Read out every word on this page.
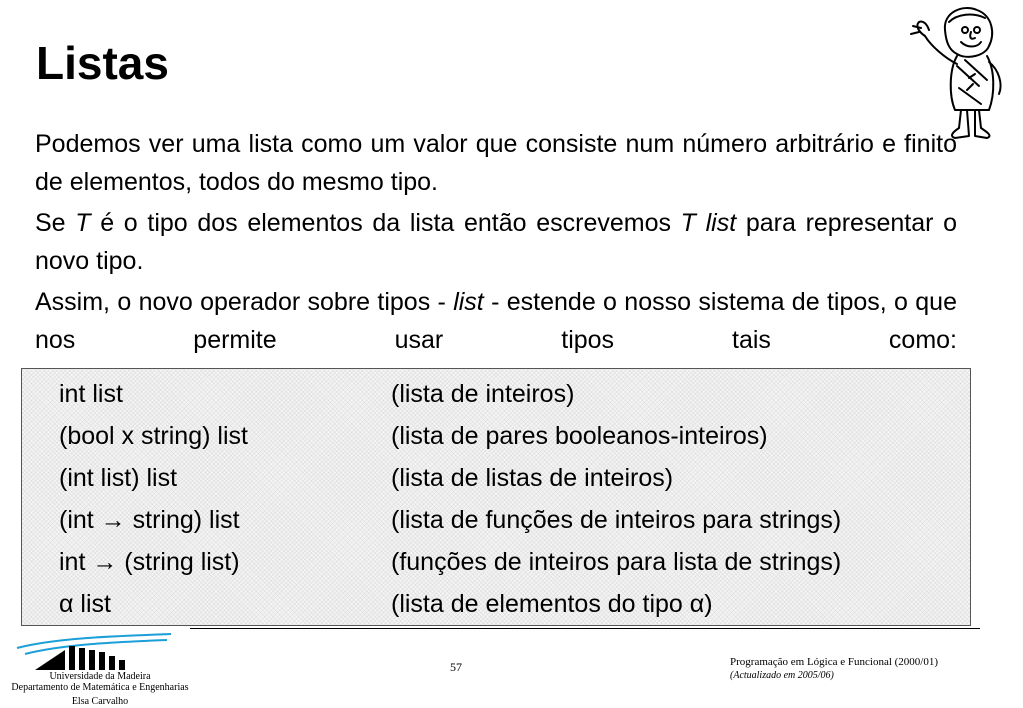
Listas

Podemos ver uma lista como um valor que consiste num número arbitrário e finito de elementos, todos do mesmo tipo.

Se T é o tipo dos elementos da lista então escrevemos T list para representar o novo tipo.

Assim, o novo operador sobre tipos - list - estende o nosso sistema de tipos, o que nos permite usar tipos tais como:

int list	(lista de inteiros)
(bool x string) list	(lista de pares booleanos-inteiros)
(int list) list	(lista de listas de inteiros)
(int → string) list	(lista de funções de inteiros para strings)
int → (string list)	(funções de inteiros para lista de strings)
α list	(lista de elementos do tipo α)
Universidade da Madeira
Departamento de Matemática e Engenharias
Elsa Carvalho
57	Programação em Lógica e Funcional (2000/01)
(Actualizado em 2005/06)
